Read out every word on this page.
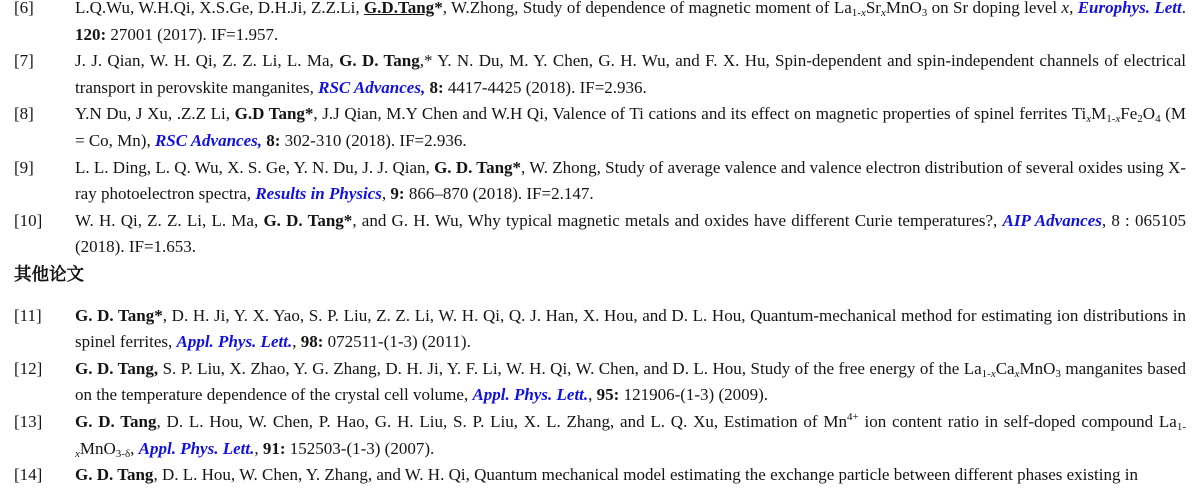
[6] L.Q.Wu, W.H.Qi, X.S.Ge, D.H.Ji, Z.Z.Li, G.D.Tang*, W.Zhong, Study of dependence of magnetic moment of La1-xSrxMnO3 on Sr doping level x, Europhys. Lett. 120: 27001 (2017). IF=1.957.
[7] J. J. Qian, W. H. Qi, Z. Z. Li, L. Ma, G. D. Tang,* Y. N. Du, M. Y. Chen, G. H. Wu, and F. X. Hu, Spin-dependent and spin-independent channels of electrical transport in perovskite manganites, RSC Advances, 8: 4417-4425 (2018). IF=2.936.
[8] Y.N Du, J Xu, .Z.Z Li, G.D Tang*, J.J Qian, M.Y Chen and W.H Qi, Valence of Ti cations and its effect on magnetic properties of spinel ferrites TixM1-xFe2O4 (M = Co, Mn), RSC Advances, 8: 302-310 (2018). IF=2.936.
[9] L. L. Ding, L. Q. Wu, X. S. Ge, Y. N. Du, J. J. Qian, G. D. Tang*, W. Zhong, Study of average valence and valence electron distribution of several oxides using X-ray photoelectron spectra, Results in Physics, 9: 866–870 (2018). IF=2.147.
[10] W. H. Qi, Z. Z. Li, L. Ma, G. D. Tang*, and G. H. Wu, Why typical magnetic metals and oxides have different Curie temperatures?, AIP Advances, 8 : 065105 (2018). IF=1.653.
其他论文
[11] G. D. Tang*, D. H. Ji, Y. X. Yao, S. P. Liu, Z. Z. Li, W. H. Qi, Q. J. Han, X. Hou, and D. L. Hou, Quantum-mechanical method for estimating ion distributions in spinel ferrites, Appl. Phys. Lett., 98: 072511-(1-3) (2011).
[12] G. D. Tang, S. P. Liu, X. Zhao, Y. G. Zhang, D. H. Ji, Y. F. Li, W. H. Qi, W. Chen, and D. L. Hou, Study of the free energy of the La1-xCaxMnO3 manganites based on the temperature dependence of the crystal cell volume, Appl. Phys. Lett., 95: 121906-(1-3) (2009).
[13] G. D. Tang, D. L. Hou, W. Chen, P. Hao, G. H. Liu, S. P. Liu, X. L. Zhang, and L. Q. Xu, Estimation of $Mn^{4+}$ ion content ratio in self-doped compound La1-xMnO3-δ, Appl. Phys. Lett., 91: 152503-(1-3) (2007).
[14] G. D. Tang, D. L. Hou, W. Chen, Y. Zhang, and W. H. Qi, Quantum mechanical model estimating the exchange particle between different phases existing in
